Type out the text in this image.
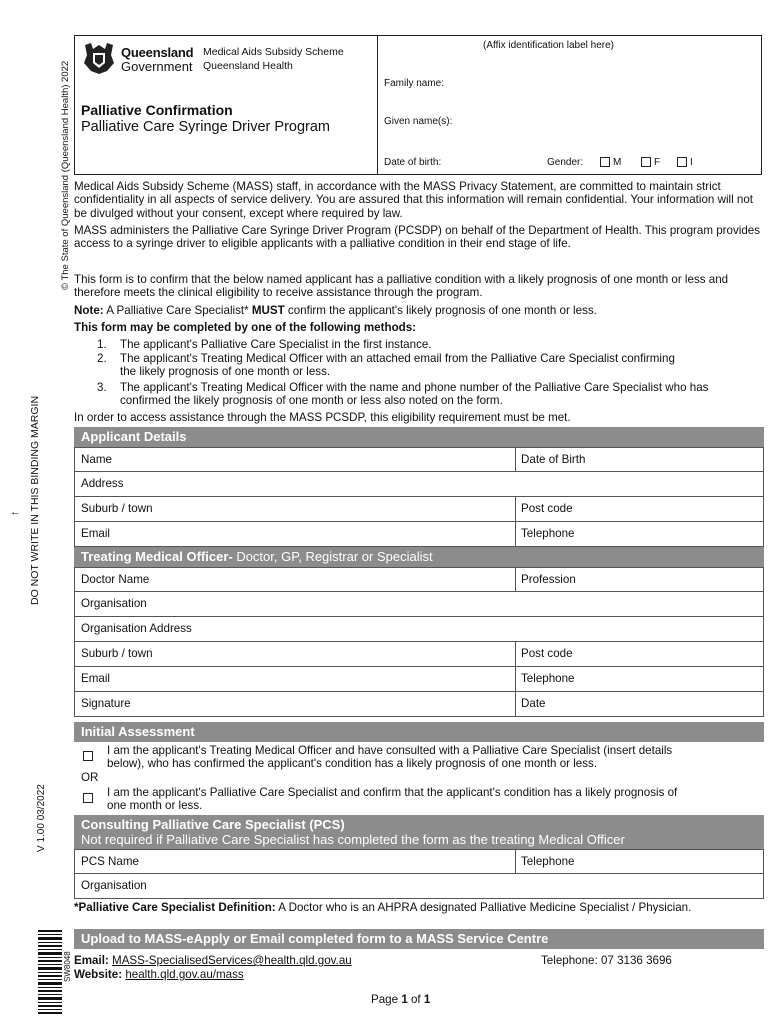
© The State of Queensland (Queensland Health) 2022
DO NOT WRITE IN THIS BINDING MARGIN
←
V 1.00 03/2022
Queensland
Government
Medical Aids Subsidy Scheme
Queensland Health
Palliative Confirmation
Palliative Care Syringe Driver Program
(Affix identification label here)
Family name:
Given name(s):
Date of birth:	Gender:	M	F	I
Medical Aids Subsidy Scheme (MASS) staff, in accordance with the MASS Privacy Statement, are committed to maintain strict confidentiality in all aspects of service delivery. You are assured that this information will remain confidential. Your information will not be divulged without your consent, except where required by law.
MASS administers the Palliative Care Syringe Driver Program (PCSDP) on behalf of the Department of Health. This program provides access to a syringe driver to eligible applicants with a palliative condition in their end stage of life.
This form is to confirm that the below named applicant has a palliative condition with a likely prognosis of one month or less and therefore meets the clinical eligibility to receive assistance through the program.
Note: A Palliative Care Specialist* MUST confirm the applicant's likely prognosis of one month or less.
This form may be completed by one of the following methods:
1. The applicant's Palliative Care Specialist in the first instance.
2. The applicant's Treating Medical Officer with an attached email from the Palliative Care Specialist confirming the likely prognosis of one month or less.
3. The applicant's Treating Medical Officer with the name and phone number of the Palliative Care Specialist who has confirmed the likely prognosis of one month or less also noted on the form.
In order to access assistance through the MASS PCSDP, this eligibility requirement must be met.
Applicant Details
Name	Date of Birth
Address
Suburb / town	Post code
Email	Telephone
Treating Medical Officer- Doctor, GP, Registrar or Specialist
Doctor Name	Profession
Organisation
Organisation Address
Suburb / town	Post code
Email	Telephone
Signature	Date
Initial Assessment
I am the applicant's Treating Medical Officer and have consulted with a Palliative Care Specialist (insert details below), who has confirmed the applicant's condition has a likely prognosis of one month or less.
OR
I am the applicant's Palliative Care Specialist and confirm that the applicant's condition has a likely prognosis of one month or less.
Consulting Palliative Care Specialist (PCS)
Not required if Palliative Care Specialist has completed the form as the treating Medical Officer
PCS Name	Telephone
Organisation
*Palliative Care Specialist Definition: A Doctor who is an AHPRA designated Palliative Medicine Specialist / Physician.
Upload to MASS-eApply or Email completed form to a MASS Service Centre
Email: MASS-SpecialisedServices@health.qld.gov.au
Website: health.qld.gov.au/mass
Telephone: 07 3136 3696
SW8048
Page 1 of 1
